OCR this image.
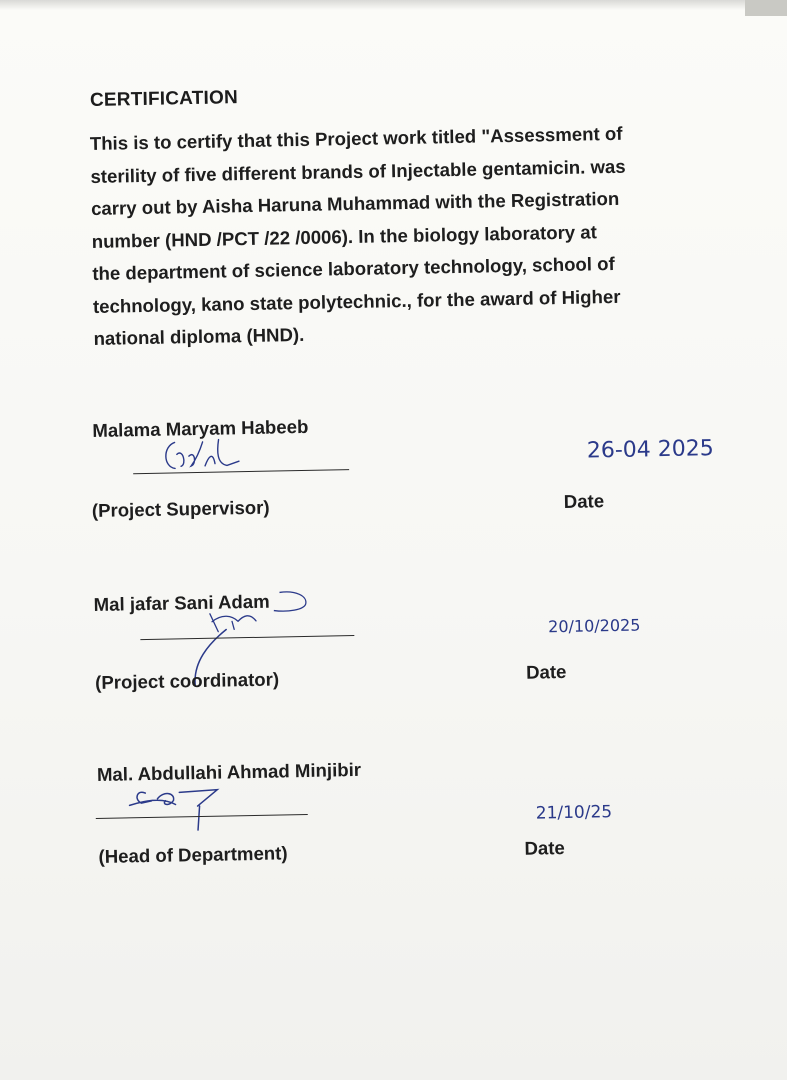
CERTIFICATION

This is to certify that this Project work titled "Assessment of
sterility of five different brands of Injectable gentamicin. was
carry out by Aisha Haruna Muhammad with the Registration
number (HND /PCT /22 /0006). In the biology laboratory at
the department of science laboratory technology, school of
technology, kano state polytechnic., for the award of Higher
national diploma (HND).

Malama Maryam Habeeb
(Project Supervisor)
26-04 2025
Date
Mal jafar Sani Adam
(Project coordinator)
20/10/2025
Date
Mal. Abdullahi Ahmad Minjibir
(Head of Department)
21/10/25
Date
